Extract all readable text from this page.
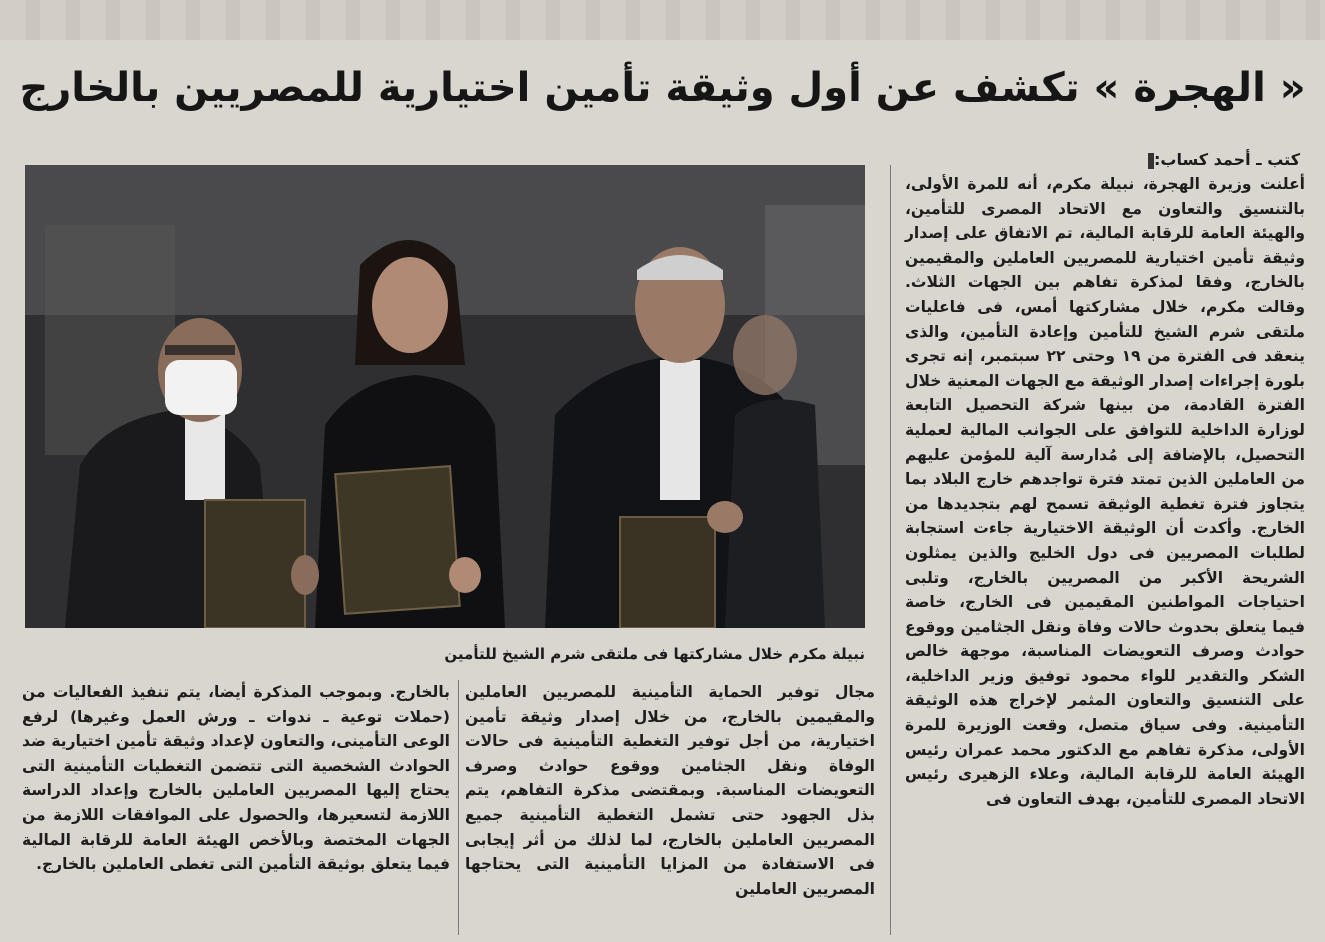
« الهجرة » تكشف عن أول وثيقة تأمين اختيارية للمصريين بالخارج
نبيلة مكرم خلال مشاركتها فى ملتقى شرم الشيخ للتأمين
كتب ـ أحمد كساب:

أعلنت وزيرة الهجرة، نبيلة مكرم، أنه للمرة الأولى، بالتنسيق والتعاون مع الاتحاد المصرى للتأمين، والهيئة العامة للرقابة المالية، تم الاتفاق على إصدار وثيقة تأمين اختيارية للمصريين العاملين والمقيمين بالخارج، وفقا لمذكرة تفاهم بين الجهات الثلاث. وقالت مكرم، خلال مشاركتها أمس، فى فاعليات ملتقى شرم الشيخ للتأمين وإعادة التأمين، والذى ينعقد فى الفترة من ١٩ وحتى ٢٢ سبتمبر، إنه تجرى بلورة إجراءات إصدار الوثيقة مع الجهات المعنية خلال الفترة القادمة، من بينها شركة التحصيل التابعة لوزارة الداخلية للتوافق على الجوانب المالية لعملية التحصيل، بالإضافة إلى مُدارسة آلية للمؤمن عليهم من العاملين الذين تمتد فترة تواجدهم خارج البلاد بما يتجاوز فترة تغطية الوثيقة تسمح لهم بتجديدها من الخارج. وأكدت أن الوثيقة الاختيارية جاءت استجابة لطلبات المصريين فى دول الخليج والذين يمثلون الشريحة الأكبر من المصريين بالخارج، وتلبى احتياجات المواطنين المقيمين فى الخارج، خاصة فيما يتعلق بحدوث حالات وفاة ونقل الجثامين ووقوع حوادث وصرف التعويضات المناسبة، موجهة خالص الشكر والتقدير للواء محمود توفيق وزير الداخلية، على التنسيق والتعاون المثمر لإخراج هذه الوثيقة التأمينية. وفى سياق متصل، وقعت الوزيرة للمرة الأولى، مذكرة تفاهم مع الدكتور محمد عمران رئيس الهيئة العامة للرقابة المالية، وعلاء الزهيرى رئيس الاتحاد المصرى للتأمين، بهدف التعاون فى

مجال توفير الحماية التأمينية للمصريين العاملين والمقيمين بالخارج، من خلال إصدار وثيقة تأمين اختيارية، من أجل توفير التغطية التأمينية فى حالات الوفاة ونقل الجثامين ووقوع حوادث وصرف التعويضات المناسبة. وبمقتضى مذكرة التفاهم، يتم بذل الجهود حتى تشمل التغطية التأمينية جميع المصريين العاملين بالخارج، لما لذلك من أثر إيجابى فى الاستفادة من المزايا التأمينية التى يحتاجها المصريين العاملين

بالخارج. وبموجب المذكرة أيضا، يتم تنفيذ الفعاليات من (حملات توعية ـ ندوات ـ ورش العمل وغيرها) لرفع الوعى التأمينى، والتعاون لإعداد وثيقة تأمين اختيارية ضد الحوادث الشخصية التى تتضمن التغطيات التأمينية التى يحتاج إليها المصريين العاملين بالخارج وإعداد الدراسة اللازمة لتسعيرها، والحصول على الموافقات اللازمة من الجهات المختصة وبالأخص الهيئة العامة للرقابة المالية فيما يتعلق بوثيقة التأمين التى تغطى العاملين بالخارج.
